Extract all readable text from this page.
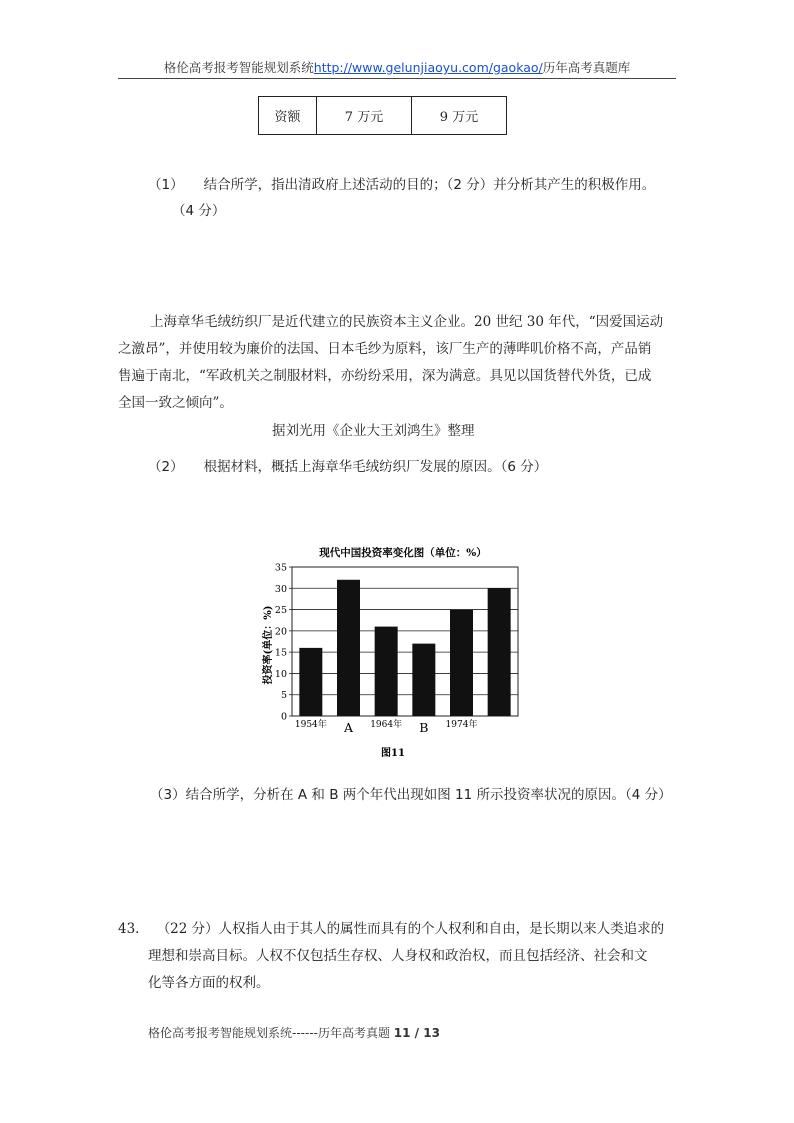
格伦高考报考智能规划系统http://www.gelunjiaoyu.com/gaokao/历年高考真题库
资额	7 万元	9 万元
（1） 结合所学，指出清政府上述活动的目的；（2 分）并分析其产生的积极作用。
（4 分）
上海章华毛绒纺织厂是近代建立的民族资本主义企业。20 世纪 30 年代，“因爱国运动
之激昂”，并使用较为廉价的法国、日本毛纱为原料，该厂生产的薄哔叽价格不高，产品销
售遍于南北，“军政机关之制服材料，亦纷纷采用，深为满意。具见以国货替代外货，已成
全国一致之倾向”。
据刘光用《企业大王刘鸿生》整理
（2） 根据材料，概括上海章华毛绒纺织厂发展的原因。（6 分）
现代中国投资率变化图（单位：%）
0
5
10
15
20
25
30
35
1954年 A 1964年 B 1974年
投资率(单位：%)
图11
（3）结合所学，分析在 A 和 B 两个年代出现如图 11 所示投资率状况的原因。（4 分）
43． （22 分）人权指人由于其人的属性而具有的个人权利和自由，是长期以来人类追求的
理想和崇高目标。人权不仅包括生存权、人身权和政治权，而且包括经济、社会和文
化等各方面的权利。
格伦高考报考智能规划系统------历年高考真题 11 / 13
